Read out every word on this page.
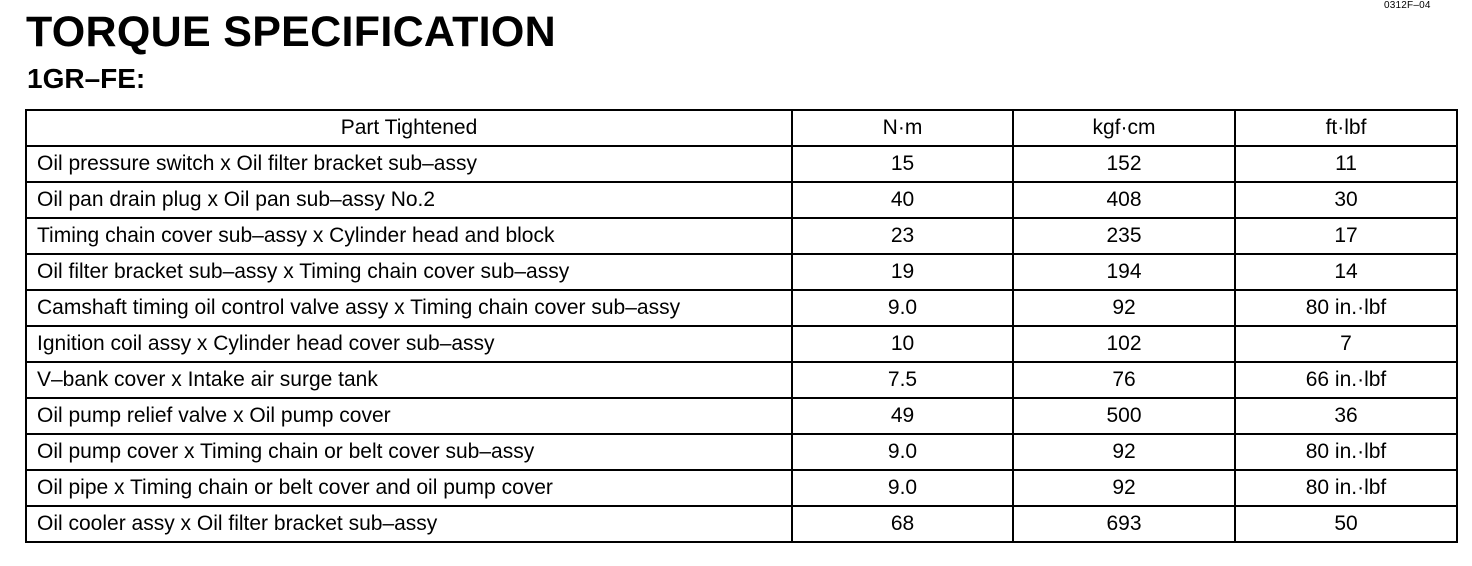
0312F–04
TORQUE SPECIFICATION
1GR–FE:
Part Tightened	N·m	kgf·cm	ft·lbf
Oil pressure switch x Oil filter bracket sub–assy	15	152	11
Oil pan drain plug x Oil pan sub–assy No.2	40	408	30
Timing chain cover sub–assy x Cylinder head and block	23	235	17
Oil filter bracket sub–assy x Timing chain cover sub–assy	19	194	14
Camshaft timing oil control valve assy x Timing chain cover sub–assy	9.0	92	80 in.·lbf
Ignition coil assy x Cylinder head cover sub–assy	10	102	7
V–bank cover x Intake air surge tank	7.5	76	66 in.·lbf
Oil pump relief valve x Oil pump cover	49	500	36
Oil pump cover x Timing chain or belt cover sub–assy	9.0	92	80 in.·lbf
Oil pipe x Timing chain or belt cover and oil pump cover	9.0	92	80 in.·lbf
Oil cooler assy x Oil filter bracket sub–assy	68	693	50
